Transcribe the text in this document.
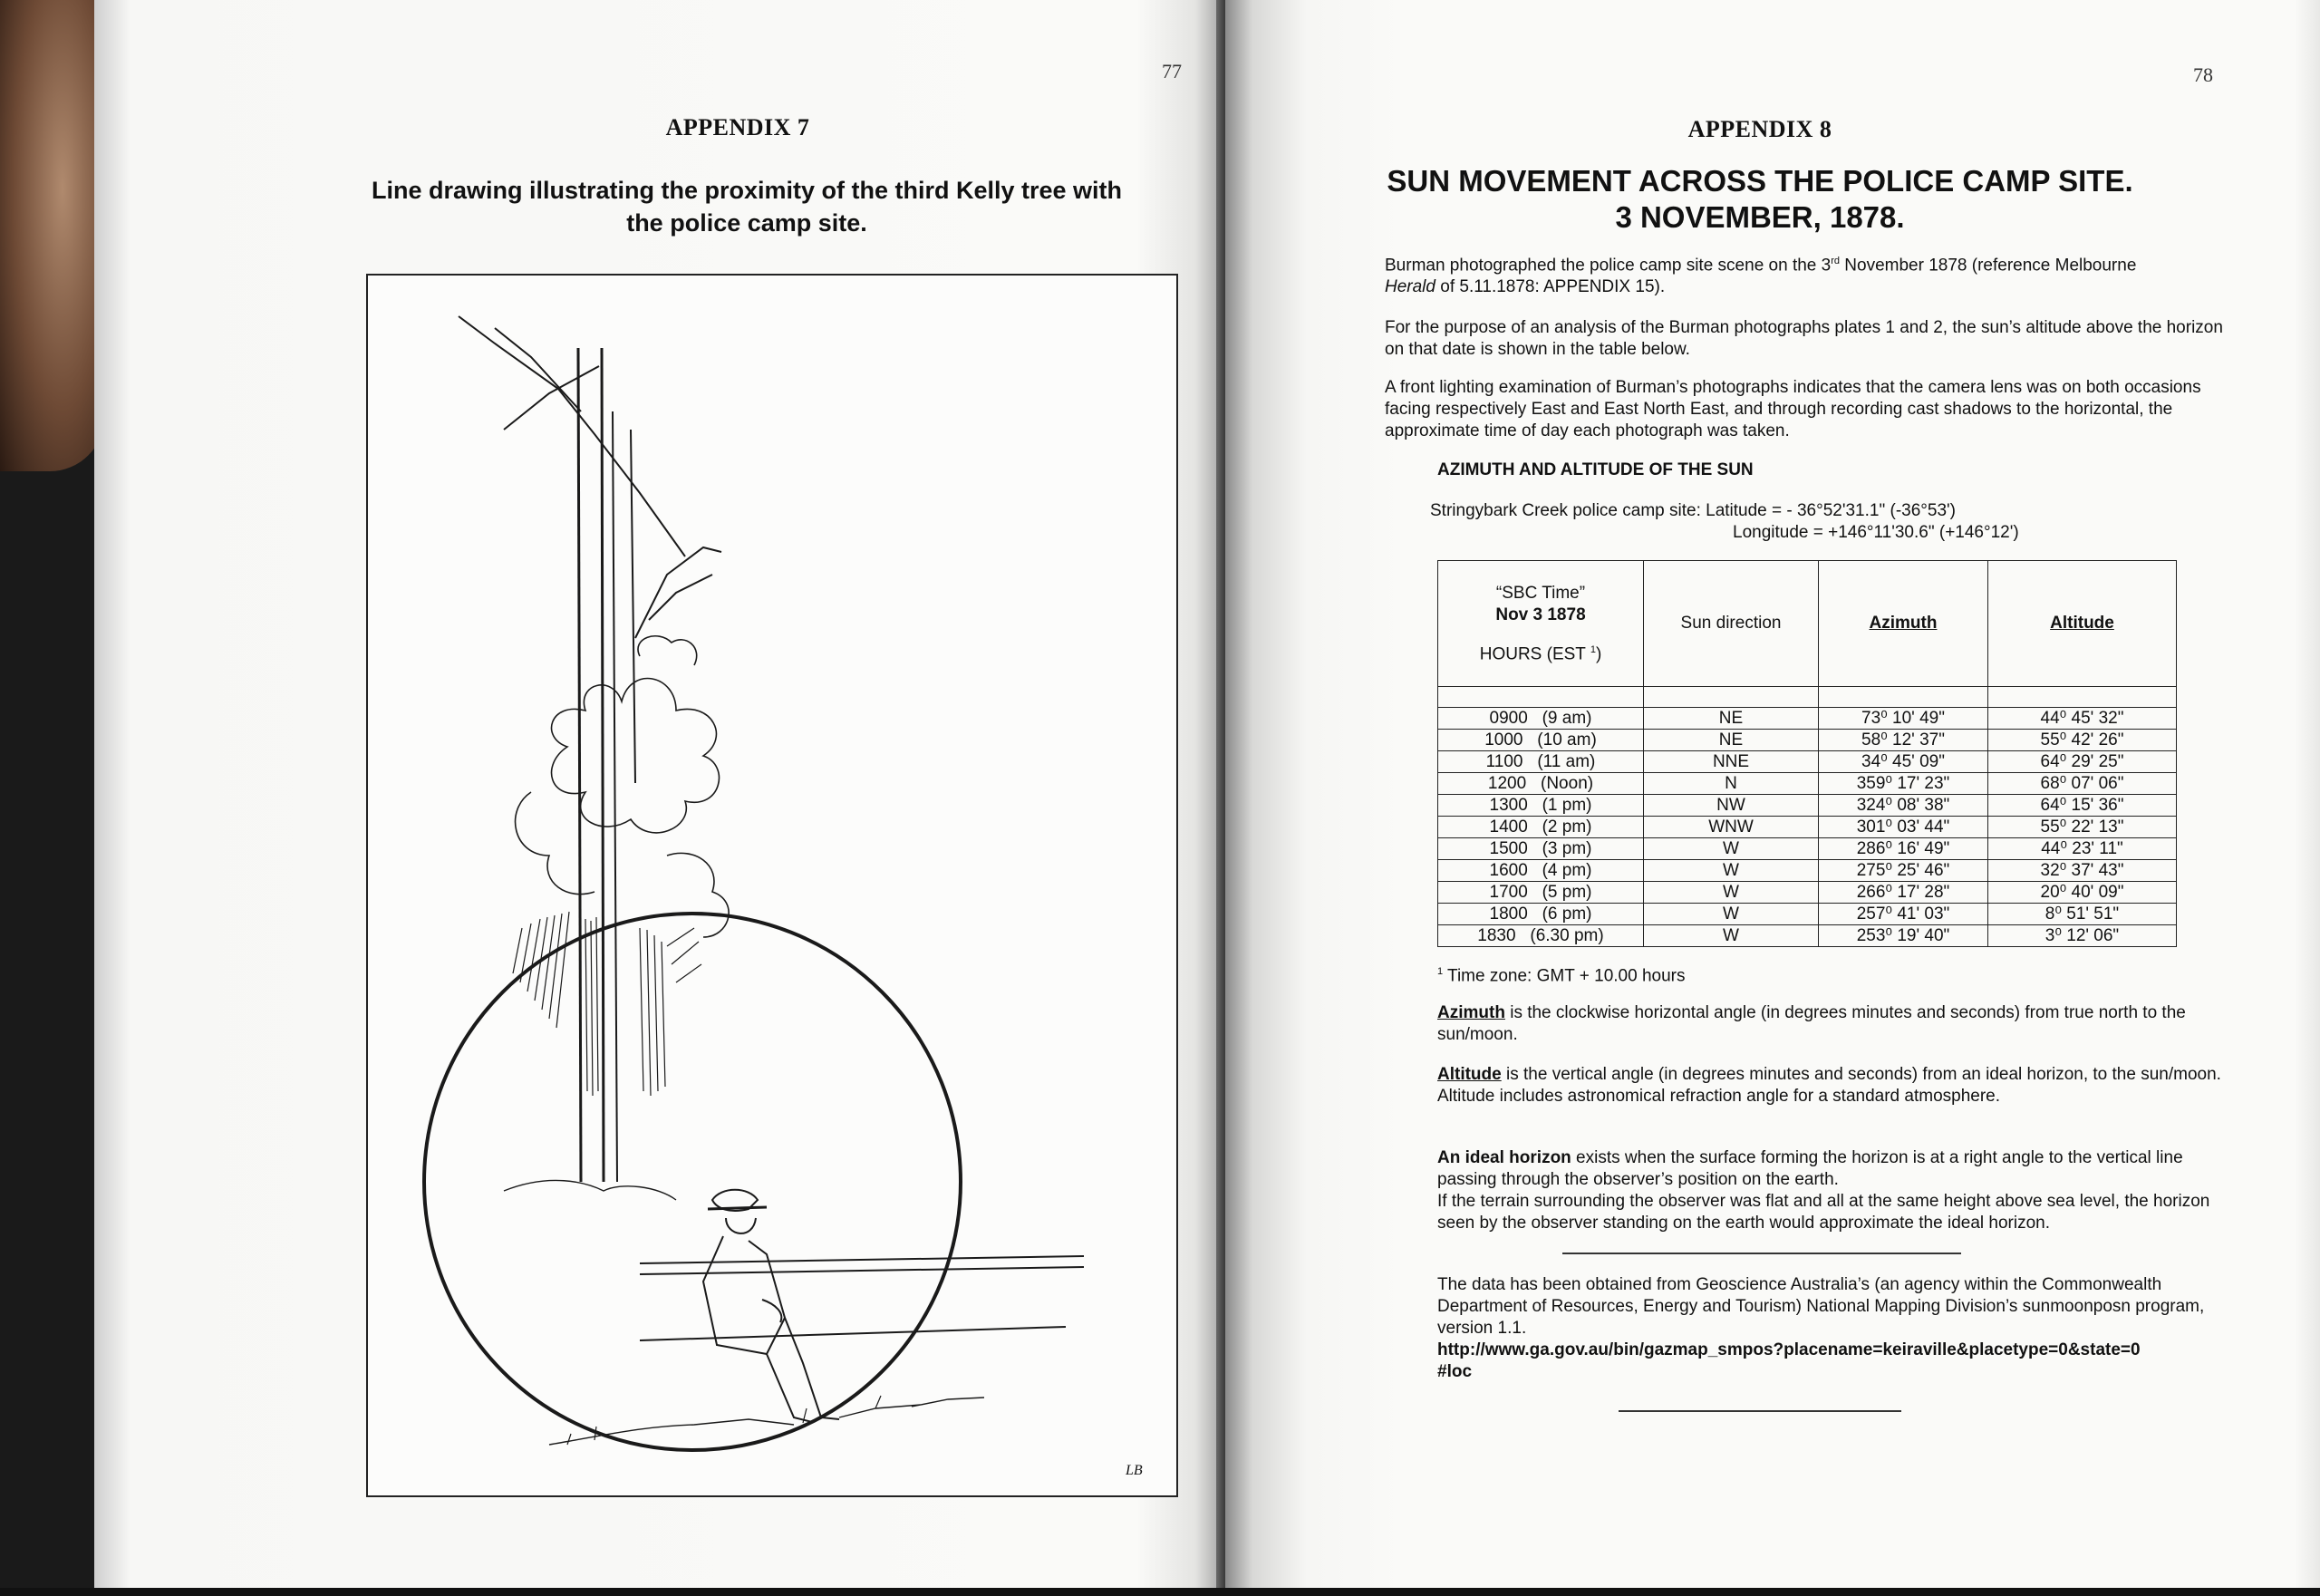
77
APPENDIX 7
Line drawing illustrating the proximity of the third Kelly tree with
the police camp site.
LB
78
APPENDIX 8
SUN MOVEMENT ACROSS THE POLICE CAMP SITE.
3 NOVEMBER, 1878.
Burman photographed the police camp site scene on the 3rd November 1878 (reference Melbourne
Herald of 5.11.1878: APPENDIX 15).
For the purpose of an analysis of the Burman photographs plates 1 and 2, the sun’s altitude above the horizon on that date is shown in the table below.
A front lighting examination of Burman’s photographs indicates that the camera lens was on both occasions facing respectively East and East North East, and through recording cast shadows to the horizontal, the approximate time of day each photograph was taken.
AZIMUTH AND ALTITUDE OF THE SUN
Stringybark Creek police camp site: Latitude = - 36°52'31.1" (-36°53')
Longitude = +146°11'30.6" (+146°12')
“SBC Time”
Nov 3 1878
HOURS (EST $^1$)	Sun direction	Azimuth	Altitude

0900   (9 am)	NE	73⁰ 10' 49"	44⁰ 45' 32"
1000   (10 am)	NE	58⁰ 12' 37"	55⁰ 42' 26"
1100   (11 am)	NNE	34⁰ 45' 09"	64⁰ 29' 25"
1200   (Noon)	N	359⁰ 17' 23"	68⁰ 07' 06"
1300   (1 pm)	NW	324⁰ 08' 38"	64⁰ 15' 36"
1400   (2 pm)	WNW	301⁰ 03' 44"	55⁰ 22' 13"
1500   (3 pm)	W	286⁰ 16' 49"	44⁰ 23' 11"
1600   (4 pm)	W	275⁰ 25' 46"	32⁰ 37' 43"
1700   (5 pm)	W	266⁰ 17' 28"	20⁰ 40' 09"
1800   (6 pm)	W	257⁰ 41' 03"	8⁰ 51' 51"
1830   (6.30 pm)	W	253⁰ 19' 40"	3⁰ 12' 06"
$^1$ Time zone: GMT + 10.00 hours
Azimuth is the clockwise horizontal angle (in degrees minutes and seconds) from true north to the sun/moon.
Altitude is the vertical angle (in degrees minutes and seconds) from an ideal horizon, to the sun/moon.
Altitude includes astronomical refraction angle for a standard atmosphere.
An ideal horizon exists when the surface forming the horizon is at a right angle to the vertical line passing through the observer’s position on the earth.
If the terrain surrounding the observer was flat and all at the same height above sea level, the horizon seen by the observer standing on the earth would approximate the ideal horizon.
The data has been obtained from Geoscience Australia’s (an agency within the Commonwealth Department of Resources, Energy and Tourism) National Mapping Division’s sunmoonposn program, version 1.1.
http://www.ga.gov.au/bin/gazmap_smpos?placename=keiraville&placetype=0&state=0
#loc
